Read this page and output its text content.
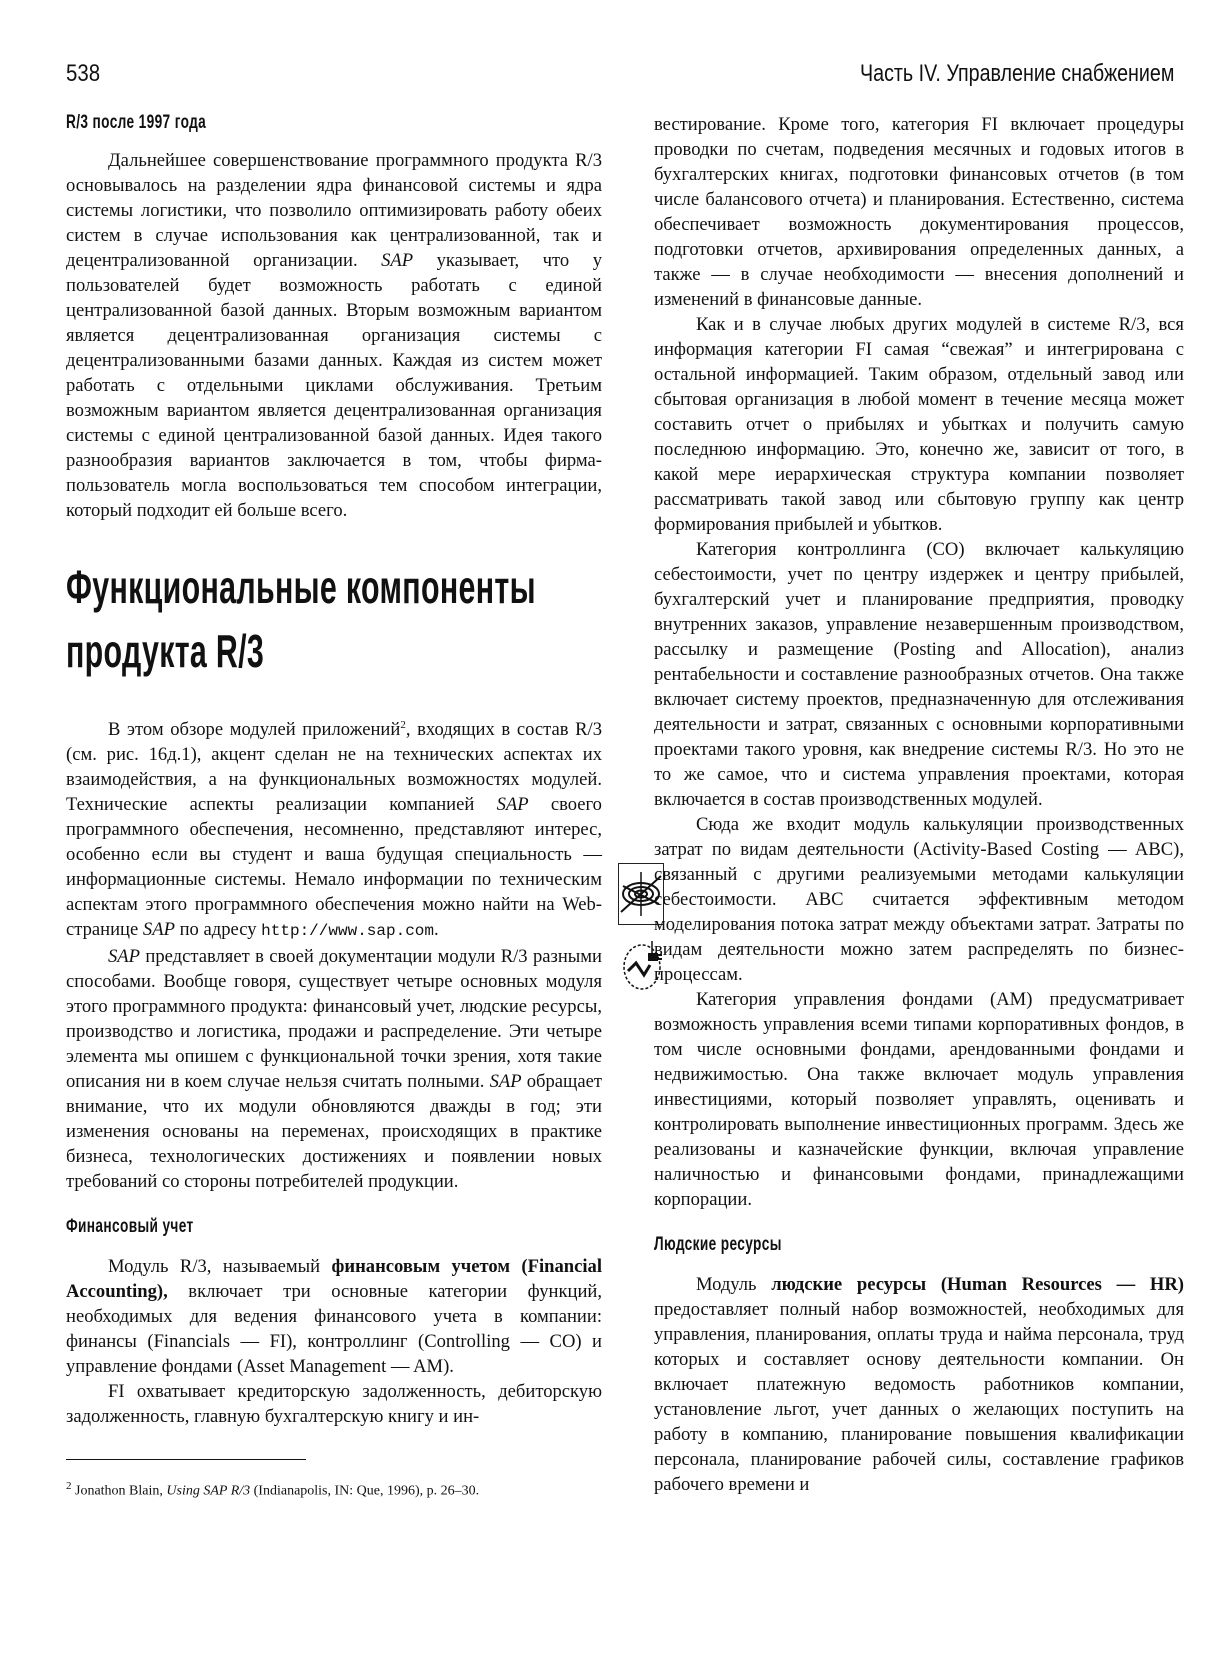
538	Часть IV. Управление снабжением
R/3 после 1997 года

Дальнейшее совершенствование программного продукта R/3 основывалось на разделении ядра финансовой системы и ядра системы логистики, что позволило оптимизировать работу обеих систем в случае использования как централизованной, так и децентрализованной организации. SAP указывает, что у пользователей будет возможность работать с единой централизованной базой данных. Вторым возможным вариантом является децентрализованная организация системы с децентрализованными базами данных. Каждая из систем может работать с отдельными циклами обслуживания. Третьим возможным вариантом является децентрализованная организация системы с единой централизованной базой данных. Идея такого разнообразия вариантов заключается в том, чтобы фирма-пользователь могла воспользоваться тем способом интеграции, который подходит ей больше всего.

Функциональные компоненты
продукта R/3

В этом обзоре модулей приложений$^2$, входящих в состав R/3 (см. рис. 16д.1), акцент сделан не на технических аспектах их взаимодействия, а на функциональных возможностях модулей. Технические аспекты реализации компанией SAP своего программного обеспечения, несомненно, представляют интерес, особенно если вы студент и ваша будущая специальность — информационные системы. Немало информации по техническим аспектам этого программного обеспечения можно найти на Web-странице SAP по адресу http://www.sap.com.

SAP представляет в своей документации модули R/3 разными способами. Вообще говоря, существует четыре основных модуля этого программного продукта: финансовый учет, людские ресурсы, производство и логистика, продажи и распределение. Эти четыре элемента мы опишем с функциональной точки зрения, хотя такие описания ни в коем случае нельзя считать полными. SAP обращает внимание, что их модули обновляются дважды в год; эти изменения основаны на переменах, происходящих в практике бизнеса, технологических достижениях и появлении новых требований со стороны потребителей продукции.

Финансовый учет

Модуль R/3, называемый финансовым учетом (Financial Accounting), включает три основные категории функций, необходимых для ведения финансового учета в компании: финансы (Financials — FI), контроллинг (Controlling — CO) и управление фондами (Asset Management — AM).

FI охватывает кредиторскую задолженность, дебиторскую задолженность, главную бухгалтерскую книгу и ин-

$^2$ Jonathon Blain, Using SAP R/3 (Indianapolis, IN: Que, 1996), p. 26–30.

вестирование. Кроме того, категория FI включает процедуры проводки по счетам, подведения месячных и годовых итогов в бухгалтерских книгах, подготовки финансовых отчетов (в том числе балансового отчета) и планирования. Естественно, система обеспечивает возможность документирования процессов, подготовки отчетов, архивирования определенных данных, а также — в случае необходимости — внесения дополнений и изменений в финансовые данные.

Как и в случае любых других модулей в системе R/3, вся информация категории FI самая “свежая” и интегрирована с остальной информацией. Таким образом, отдельный завод или сбытовая организация в любой момент в течение месяца может составить отчет о прибылях и убытках и получить самую последнюю информацию. Это, конечно же, зависит от того, в какой мере иерархическая структура компании позволяет рассматривать такой завод или сбытовую группу как центр формирования прибылей и убытков.

Категория контроллинга (CO) включает калькуляцию себестоимости, учет по центру издержек и центру прибылей, бухгалтерский учет и планирование предприятия, проводку внутренних заказов, управление незавершенным производством, рассылку и размещение (Posting and Allocation), анализ рентабельности и составление разнообразных отчетов. Она также включает систему проектов, предназначенную для отслеживания деятельности и затрат, связанных с основными корпоративными проектами такого уровня, как внедрение системы R/3. Но это не то же самое, что и система управления проектами, которая включается в состав производственных модулей.

Сюда же входит модуль калькуляции производственных затрат по видам деятельности (Activity-Based Costing — ABC), связанный с другими реализуемыми методами калькуляции себестоимости. ABC считается эффективным методом моделирования потока затрат между объектами затрат. Затраты по видам деятельности можно затем распределять по бизнес-процессам.

Категория управления фондами (AM) предусматривает возможность управления всеми типами корпоративных фондов, в том числе основными фондами, арендованными фондами и недвижимостью. Она также включает модуль управления инвестициями, который позволяет управлять, оценивать и контролировать выполнение инвестиционных программ. Здесь же реализованы и казначейские функции, включая управление наличностью и финансовыми фондами, принадлежащими корпорации.

Людские ресурсы

Модуль людские ресурсы (Human Resources — HR) предоставляет полный набор возможностей, необходимых для управления, планирования, оплаты труда и найма персонала, труд которых и составляет основу деятельности компании. Он включает платежную ведомость работников компании, установление льгот, учет данных о желающих поступить на работу в компанию, планирование повышения квалификации персонала, планирование рабочей силы, составление графиков рабочего времени и
